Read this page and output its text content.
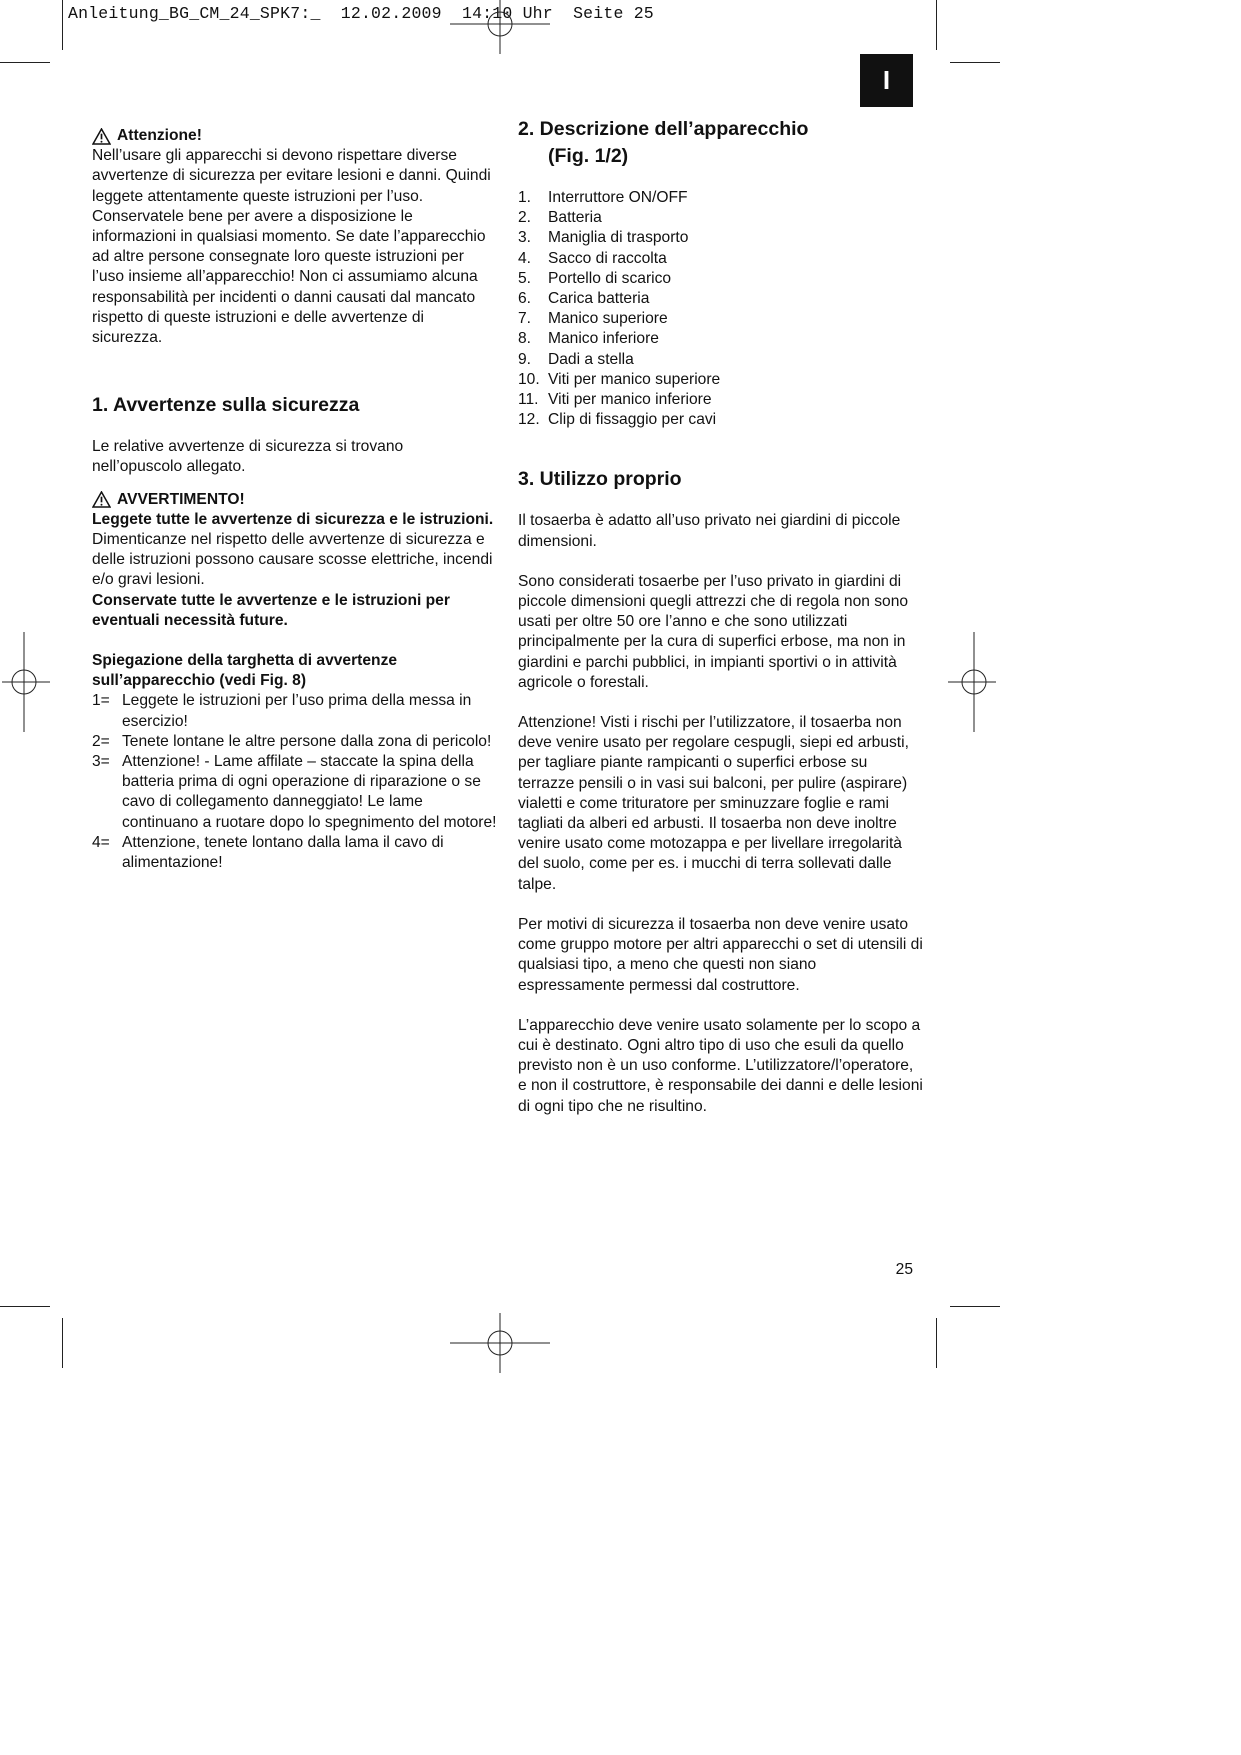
Anleitung_BG_CM_24_SPK7:_  12.02.2009  14:10 Uhr  Seite 25
I
Attenzione!

Nell’usare gli apparecchi si devono rispettare diverse avvertenze di sicurezza per evitare lesioni e danni. Quindi leggete attentamente queste istruzioni per l’uso. Conservatele bene per avere a disposizione le informazioni in qualsiasi momento. Se date l’apparecchio ad altre persone consegnate loro queste istruzioni per l’uso insieme all’apparecchio! Non ci assumiamo alcuna responsabilità per incidenti o danni causati dal mancato rispetto di queste istruzioni e delle avvertenze di sicurezza.

1. Avvertenze sulla sicurezza

Le relative avvertenze di sicurezza si trovano nell’opuscolo allegato.

AVVERTIMENTO!

Leggete tutte le avvertenze di sicurezza e le istruzioni.

Dimenticanze nel rispetto delle avvertenze di sicurezza e delle istruzioni possono causare scosse elettriche, incendi e/o gravi lesioni.

Conservate tutte le avvertenze e le istruzioni per eventuali necessità future.

Spiegazione della targhetta di avvertenze sull’apparecchio (vedi Fig. 8)

1= Leggete le istruzioni per l’uso prima della messa in esercizio!
2= Tenete lontane le altre persone dalla zona di pericolo!
3= Attenzione! - Lame affilate – staccate la spina della batteria prima di ogni operazione di riparazione o se cavo di collegamento danneggiato! Le lame continuano a ruotare dopo lo spegnimento del motore!
4= Attenzione, tenete lontano dalla lama il cavo di alimentazione!

2. Descrizione dell’apparecchio

(Fig. 1/2)

1.	Interruttore ON/OFF
2.	Batteria
3.	Maniglia di trasporto
4.	Sacco di raccolta
5.	Portello di scarico
6.	Carica batteria
7.	Manico superiore
8.	Manico inferiore
9.	Dadi a stella
10. Viti per manico superiore
11. Viti per manico inferiore
12. Clip di fissaggio per cavi

3. Utilizzo proprio

Il tosaerba è adatto all’uso privato nei giardini di piccole dimensioni.

Sono considerati tosaerbe per l’uso privato in giardini di piccole dimensioni quegli attrezzi che di regola non sono usati per oltre 50 ore l’anno e che sono utilizzati principalmente per la cura di superfici erbose, ma non in giardini e parchi pubblici, in impianti sportivi o in attività agricole o forestali.

Attenzione! Visti i rischi per l’utilizzatore, il tosaerba non deve venire usato per regolare cespugli, siepi ed arbusti, per tagliare piante rampicanti o superfici erbose su terrazze pensili o in vasi sui balconi, per pulire (aspirare) vialetti e come trituratore per sminuzzare foglie e rami tagliati da alberi ed arbusti. Il tosaerba non deve inoltre venire usato come motozappa e per livellare irregolarità del suolo, come per es. i mucchi di terra sollevati dalle talpe.

Per motivi di sicurezza il tosaerba non deve venire usato come gruppo motore per altri apparecchi o set di utensili di qualsiasi tipo, a meno che questi non siano espressamente permessi dal costruttore.

L’apparecchio deve venire usato solamente per lo scopo a cui è destinato. Ogni altro tipo di uso che esuli da quello previsto non è un uso conforme. L’utilizzatore/l’operatore, e non il costruttore, è responsabile dei danni e delle lesioni di ogni tipo che ne risultino.

25
